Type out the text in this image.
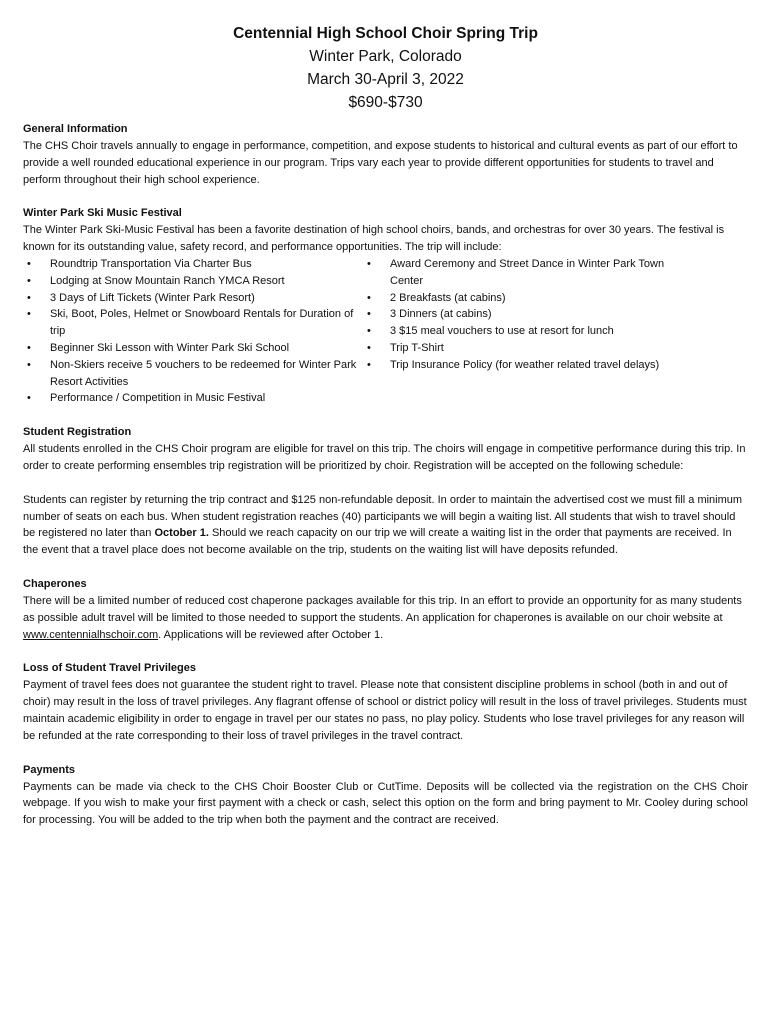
Centennial High School Choir Spring Trip
Winter Park, Colorado
March 30-April 3, 2022
$690-$730
General Information

The CHS Choir travels annually to engage in performance, competition, and expose students to historical and cultural events as part of our effort to provide a well rounded educational experience in our program. Trips vary each year to provide different opportunities for students to travel and perform throughout their high school experience.

Winter Park Ski Music Festival

The Winter Park Ski-Music Festival has been a favorite destination of high school choirs, bands, and orchestras for over 30 years. The festival is known for its outstanding value, safety record, and performance opportunities. The trip will include:

• Roundtrip Transportation Via Charter Bus
• Lodging at Snow Mountain Ranch YMCA Resort
• 3 Days of Lift Tickets (Winter Park Resort)
• Ski, Boot, Poles, Helmet or Snowboard Rentals for Duration of trip
• Beginner Ski Lesson with Winter Park Ski School
• Non-Skiers receive 5 vouchers to be redeemed for Winter Park Resort Activities
• Performance / Competition in Music Festival
• Award Ceremony and Street Dance in Winter Park Town Center
• 2 Breakfasts (at cabins)
• 3 Dinners (at cabins)
• 3 $15 meal vouchers to use at resort for lunch
• Trip T-Shirt
• Trip Insurance Policy (for weather related travel delays)
Student Registration

All students enrolled in the CHS Choir program are eligible for travel on this trip. The choirs will engage in competitive performance during this trip. In order to create performing ensembles trip registration will be prioritized by choir. Registration will be accepted on the following schedule:

Students can register by returning the trip contract and $125 non-refundable deposit. In order to maintain the advertised cost we must fill a minimum number of seats on each bus. When student registration reaches (40) participants we will begin a waiting list. All students that wish to travel should be registered no later than October 1. Should we reach capacity on our trip we will create a waiting list in the order that payments are received. In the event that a travel place does not become available on the trip, students on the waiting list will have deposits refunded.

Chaperones

There will be a limited number of reduced cost chaperone packages available for this trip. In an effort to provide an opportunity for as many students as possible adult travel will be limited to those needed to support the students. An application for chaperones is available on our choir website at www.centennialhschoir.com. Applications will be reviewed after October 1.

Loss of Student Travel Privileges

Payment of travel fees does not guarantee the student right to travel. Please note that consistent discipline problems in school (both in and out of choir) may result in the loss of travel privileges. Any flagrant offense of school or district policy will result in the loss of travel privileges. Students must maintain academic eligibility in order to engage in travel per our states no pass, no play policy. Students who lose travel privileges for any reason will be refunded at the rate corresponding to their loss of travel privileges in the travel contract.

Payments

Payments can be made via check to the CHS Choir Booster Club or CutTime. Deposits will be collected via the registration on the CHS Choir webpage. If you wish to make your first payment with a check or cash, select this option on the form and bring payment to Mr. Cooley during school for processing. You will be added to the trip when both the payment and the contract are received.
